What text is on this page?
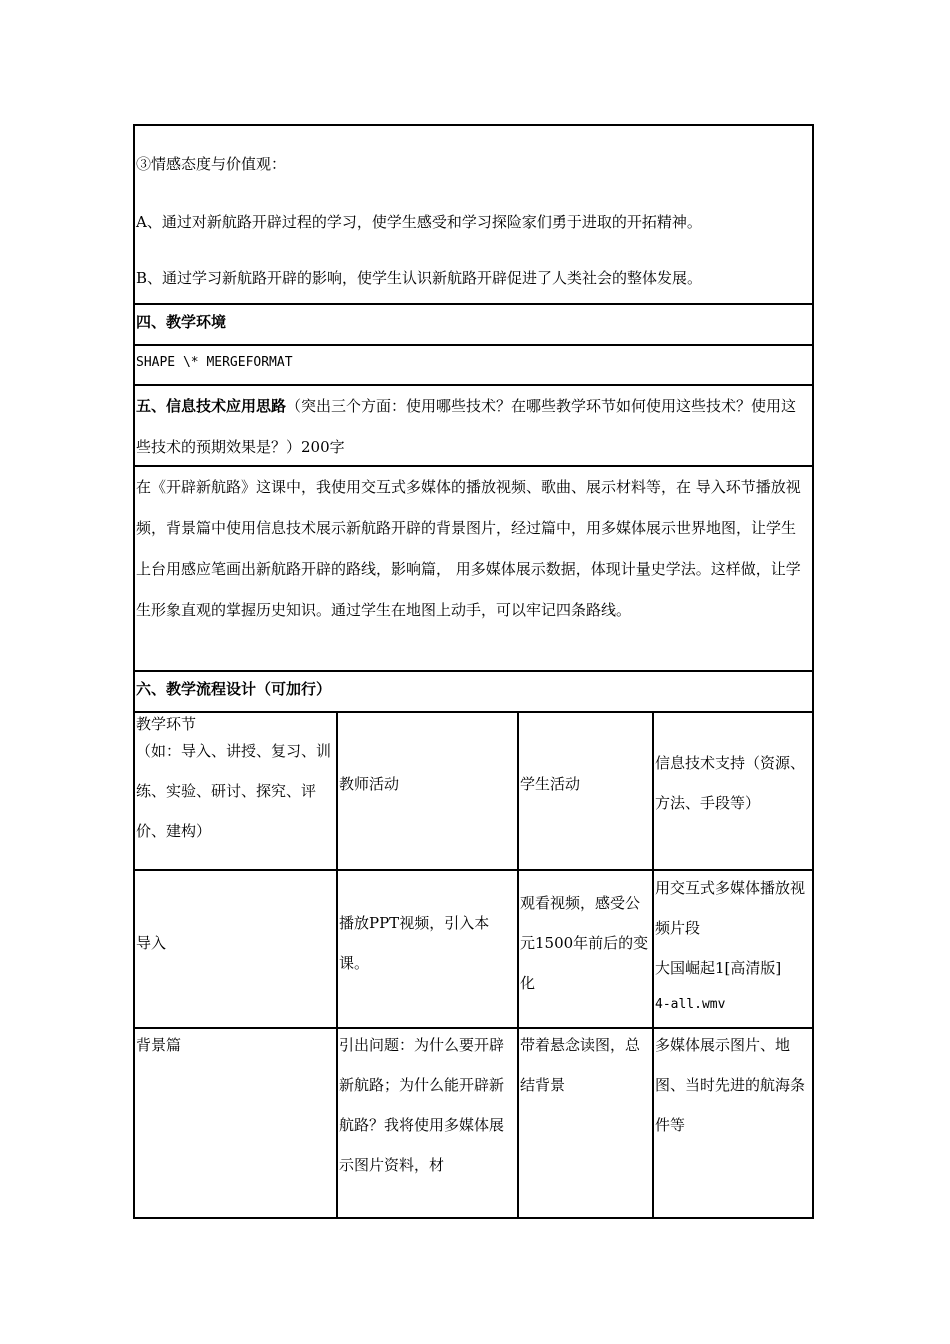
③情感态度与价值观：
A、通过对新航路开辟过程的学习，使学生感受和学习探险家们勇于进取的开拓精神。
B、通过学习新航路开辟的影响，使学生认识新航路开辟促进了人类社会的整体发展。
四、教学环境
SHAPE \* MERGEFORMAT
五、信息技术应用思路（突出三个方面：使用哪些技术？在哪些教学环节如何使用这些技术？使用这些技术的预期效果是？）200字
在《开辟新航路》这课中，我使用交互式多媒体的播放视频、歌曲、展示材料等，在 导入环节播放视频，背景篇中使用信息技术展示新航路开辟的背景图片，经过篇中，用多媒体展示世界地图，让学生上台用感应笔画出新航路开辟的路线，影响篇， 用多媒体展示数据，体现计量史学法。这样做，让学生形象直观的掌握历史知识。通过学生在地图上动手，可以牢记四条路线。
六、教学流程设计（可加行）
教学环节
（如：导入、讲授、复习、训练、实验、研讨、探究、评价、建构）
教师活动	学生活动
信息技术支持（资源、方法、手段等）
导入
播放PPT视频，引入本课。
观看视频，感受公元1500年前后的变化
用交互式多媒体播放视频片段
大国崛起1[高清版]
4-all.wmv
背景篇	引出问题：为什么要开辟新航路；为什么能开辟新航路？我将使用多媒体展示图片资料，材
带着悬念读图，总结背景
多媒体展示图片、地图、当时先进的航海条件等
